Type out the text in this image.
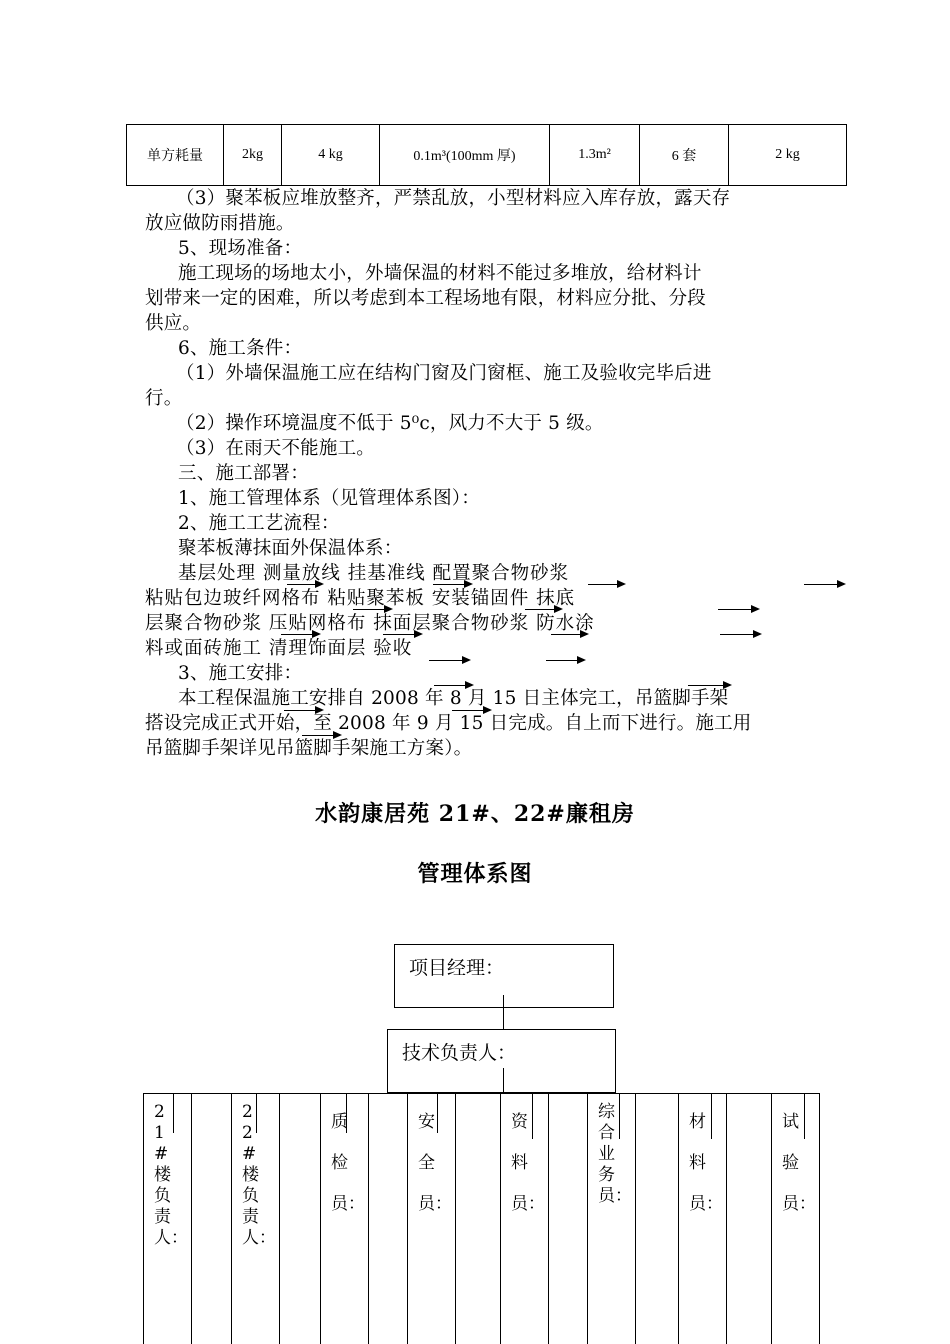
单方耗量	2kg	4 kg	0.1m³(100mm 厚)	1.3m²	6 套	2 kg
（3）聚苯板应堆放整齐，严禁乱放，小型材料应入库存放，露天存
放应做防雨措施。
5、现场准备：
施工现场的场地太小，外墙保温的材料不能过多堆放，给材料计
划带来一定的困难，所以考虑到本工程场地有限，材料应分批、分段
供应。
6、施工条件：
（1）外墙保温施工应在结构门窗及门窗框、施工及验收完毕后进
行。
（2）操作环境温度不低于 5⁰c，风力不大于 5 级。
（3）在雨天不能施工。
三、施工部署：
1、施工管理体系（见管理体系图）：
2、施工工艺流程：
聚苯板薄抹面外保温体系：
基层处理 测量放线 挂基准线 配置聚合物砂浆
粘贴包边玻纤网格布 粘贴聚苯板 安装锚固件 抹底
层聚合物砂浆 压贴网格布 抹面层聚合物砂浆 防水涂
料或面砖施工 清理饰面层 验收
3、施工安排：
本工程保温施工安排自 2008 年 8 月 15 日主体完工，吊篮脚手架
搭设完成正式开始，至 2008 年 9 月 15 日完成。自上而下进行。施工用
吊篮脚手架详见吊篮脚手架施工方案）。
水韵康居苑 21#、22#廉租房
管理体系图
项目经理：
技术负责人：
21#楼负责人：
22#楼负责人：
质检员：
安全员：
资料员：
综合业务员：
材料员：
试验员：
